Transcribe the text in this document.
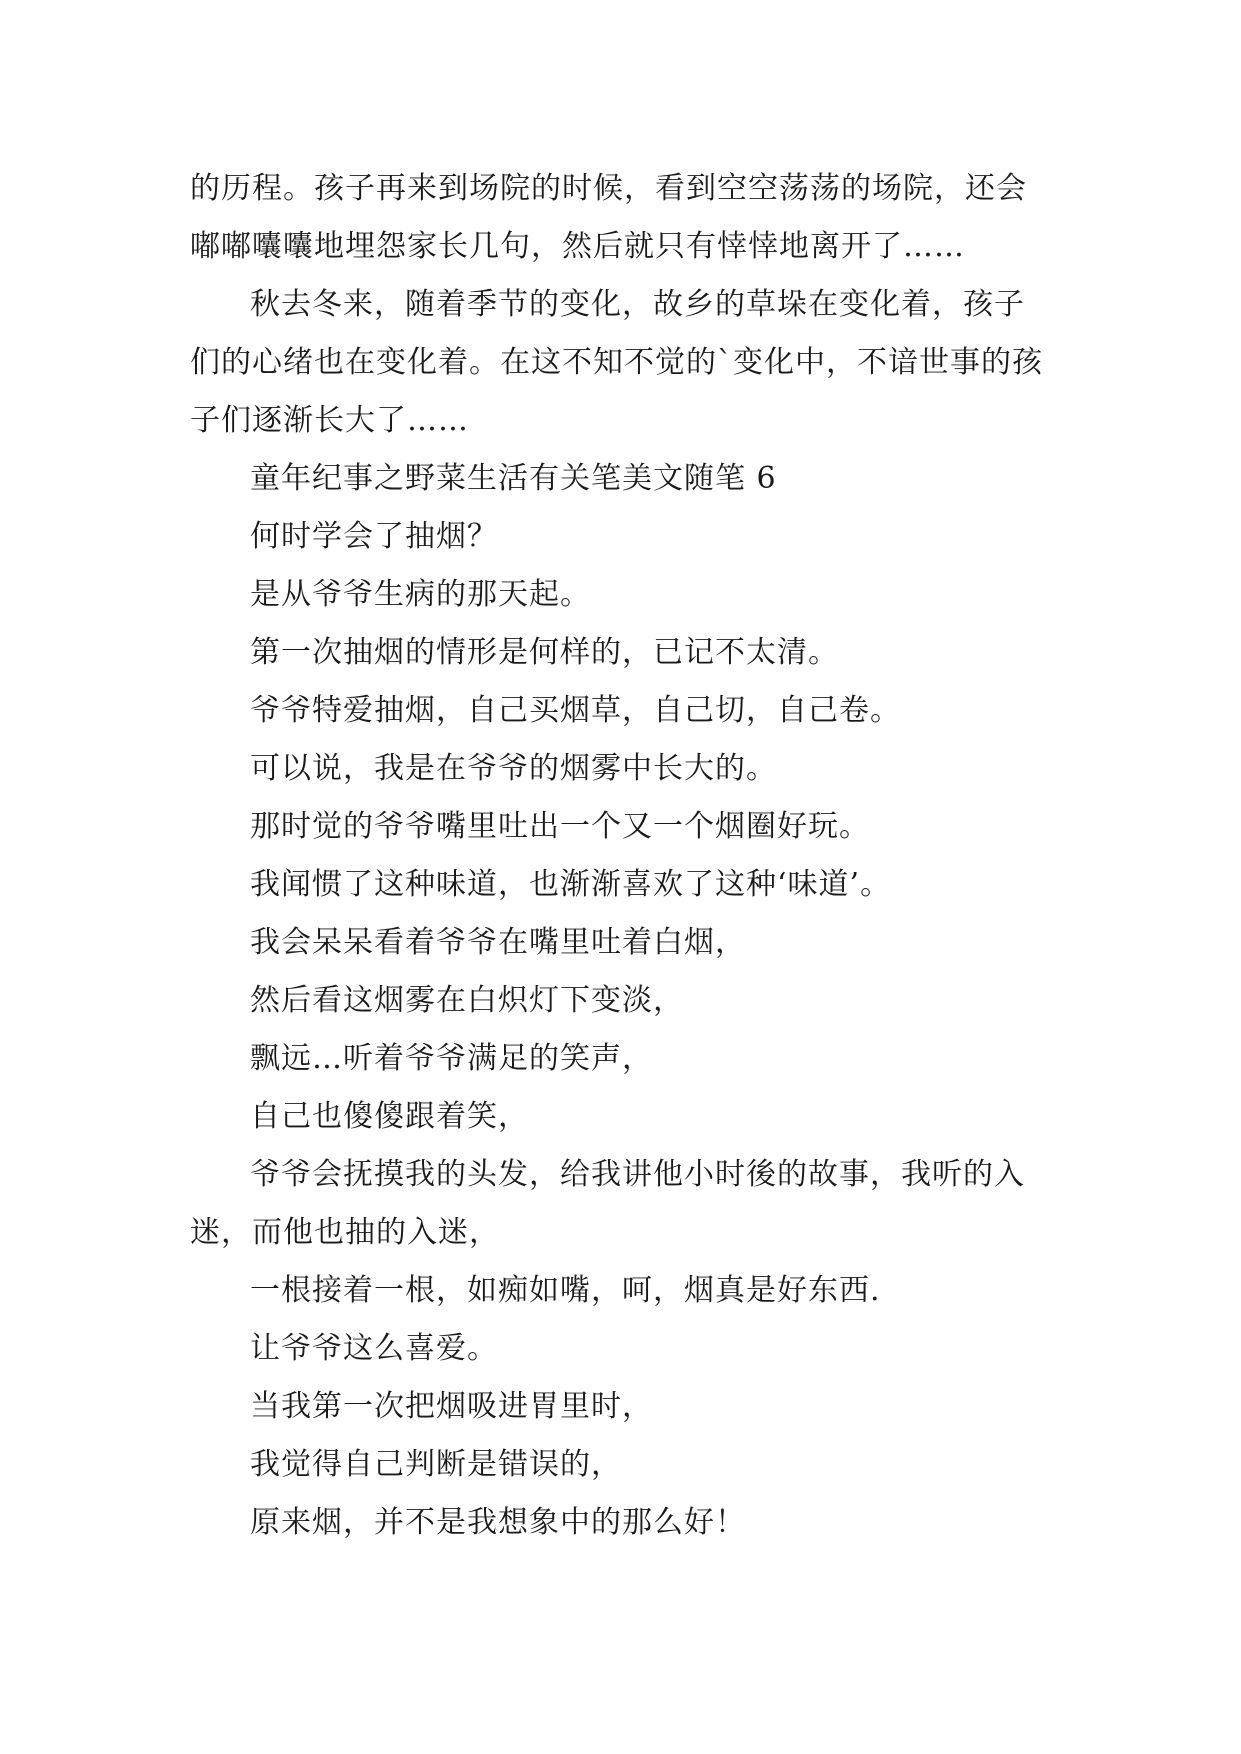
的历程。孩子再来到场院的时候，看到空空荡荡的场院，还会嘟嘟囔囔地埋怨家长几句，然后就只有悻悻地离开了……

秋去冬来，随着季节的变化，故乡的草垛在变化着，孩子们的心绪也在变化着。在这不知不觉的`变化中，不谙世事的孩子们逐渐长大了……

童年纪事之野菜生活有关笔美文随笔 6

何时学会了抽烟？

是从爷爷生病的那天起。

第一次抽烟的情形是何样的，已记不太清。

爷爷特爱抽烟，自己买烟草，自己切，自己卷。

可以说，我是在爷爷的烟雾中长大的。

那时觉的爷爷嘴里吐出一个又一个烟圈好玩。

我闻惯了这种味道，也渐渐喜欢了这种‘味道’。

我会呆呆看着爷爷在嘴里吐着白烟，

然后看这烟雾在白炽灯下变淡，

飘远…听着爷爷满足的笑声，

自己也傻傻跟着笑，

爷爷会抚摸我的头发，给我讲他小时後的故事，我听的入迷，而他也抽的入迷，

一根接着一根，如痴如嘴，呵，烟真是好东西.

让爷爷这么喜爱。

当我第一次把烟吸进胃里时，

我觉得自己判断是错误的，

原来烟，并不是我想象中的那么好！
